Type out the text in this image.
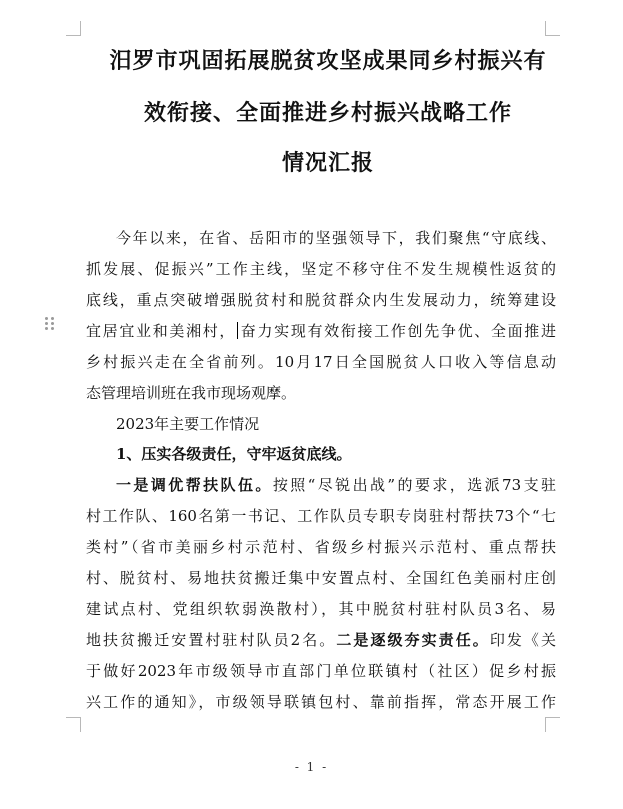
汨罗市巩固拓展脱贫攻坚成果同乡村振兴有
效衔接、全面推进乡村振兴战略工作
情况汇报
今年以来，在省、岳阳市的坚强领导下，我们聚焦“守底线、
抓发展、促振兴”工作主线，坚定不移守住不发生规模性返贫的
底线，重点突破增强脱贫村和脱贫群众内生发展动力，统筹建设
宜居宜业和美湘村， 奋力实现有效衔接工作创先争优、全面推进
乡村振兴走在全省前列。10月17日全国脱贫人口收入等信息动
态管理培训班在我市现场观摩。
2023年主要工作情况
1、压实各级责任，守牢返贫底线。
一是调优帮扶队伍。按照“尽锐出战”的要求，选派73支驻
村工作队、160名第一书记、工作队员专职专岗驻村帮扶73个“七
类村”（省市美丽乡村示范村、省级乡村振兴示范村、重点帮扶
村、脱贫村、易地扶贫搬迁集中安置点村、全国红色美丽村庄创
建试点村、党组织软弱涣散村），其中脱贫村驻村队员3名、易
地扶贫搬迁安置村驻村队员2名。二是逐级夯实责任。印发《关
于做好2023年市级领导市直部门单位联镇村（社区）促乡村振
兴工作的通知》，市级领导联镇包村、靠前指挥，常态开展工作
- 1 -
